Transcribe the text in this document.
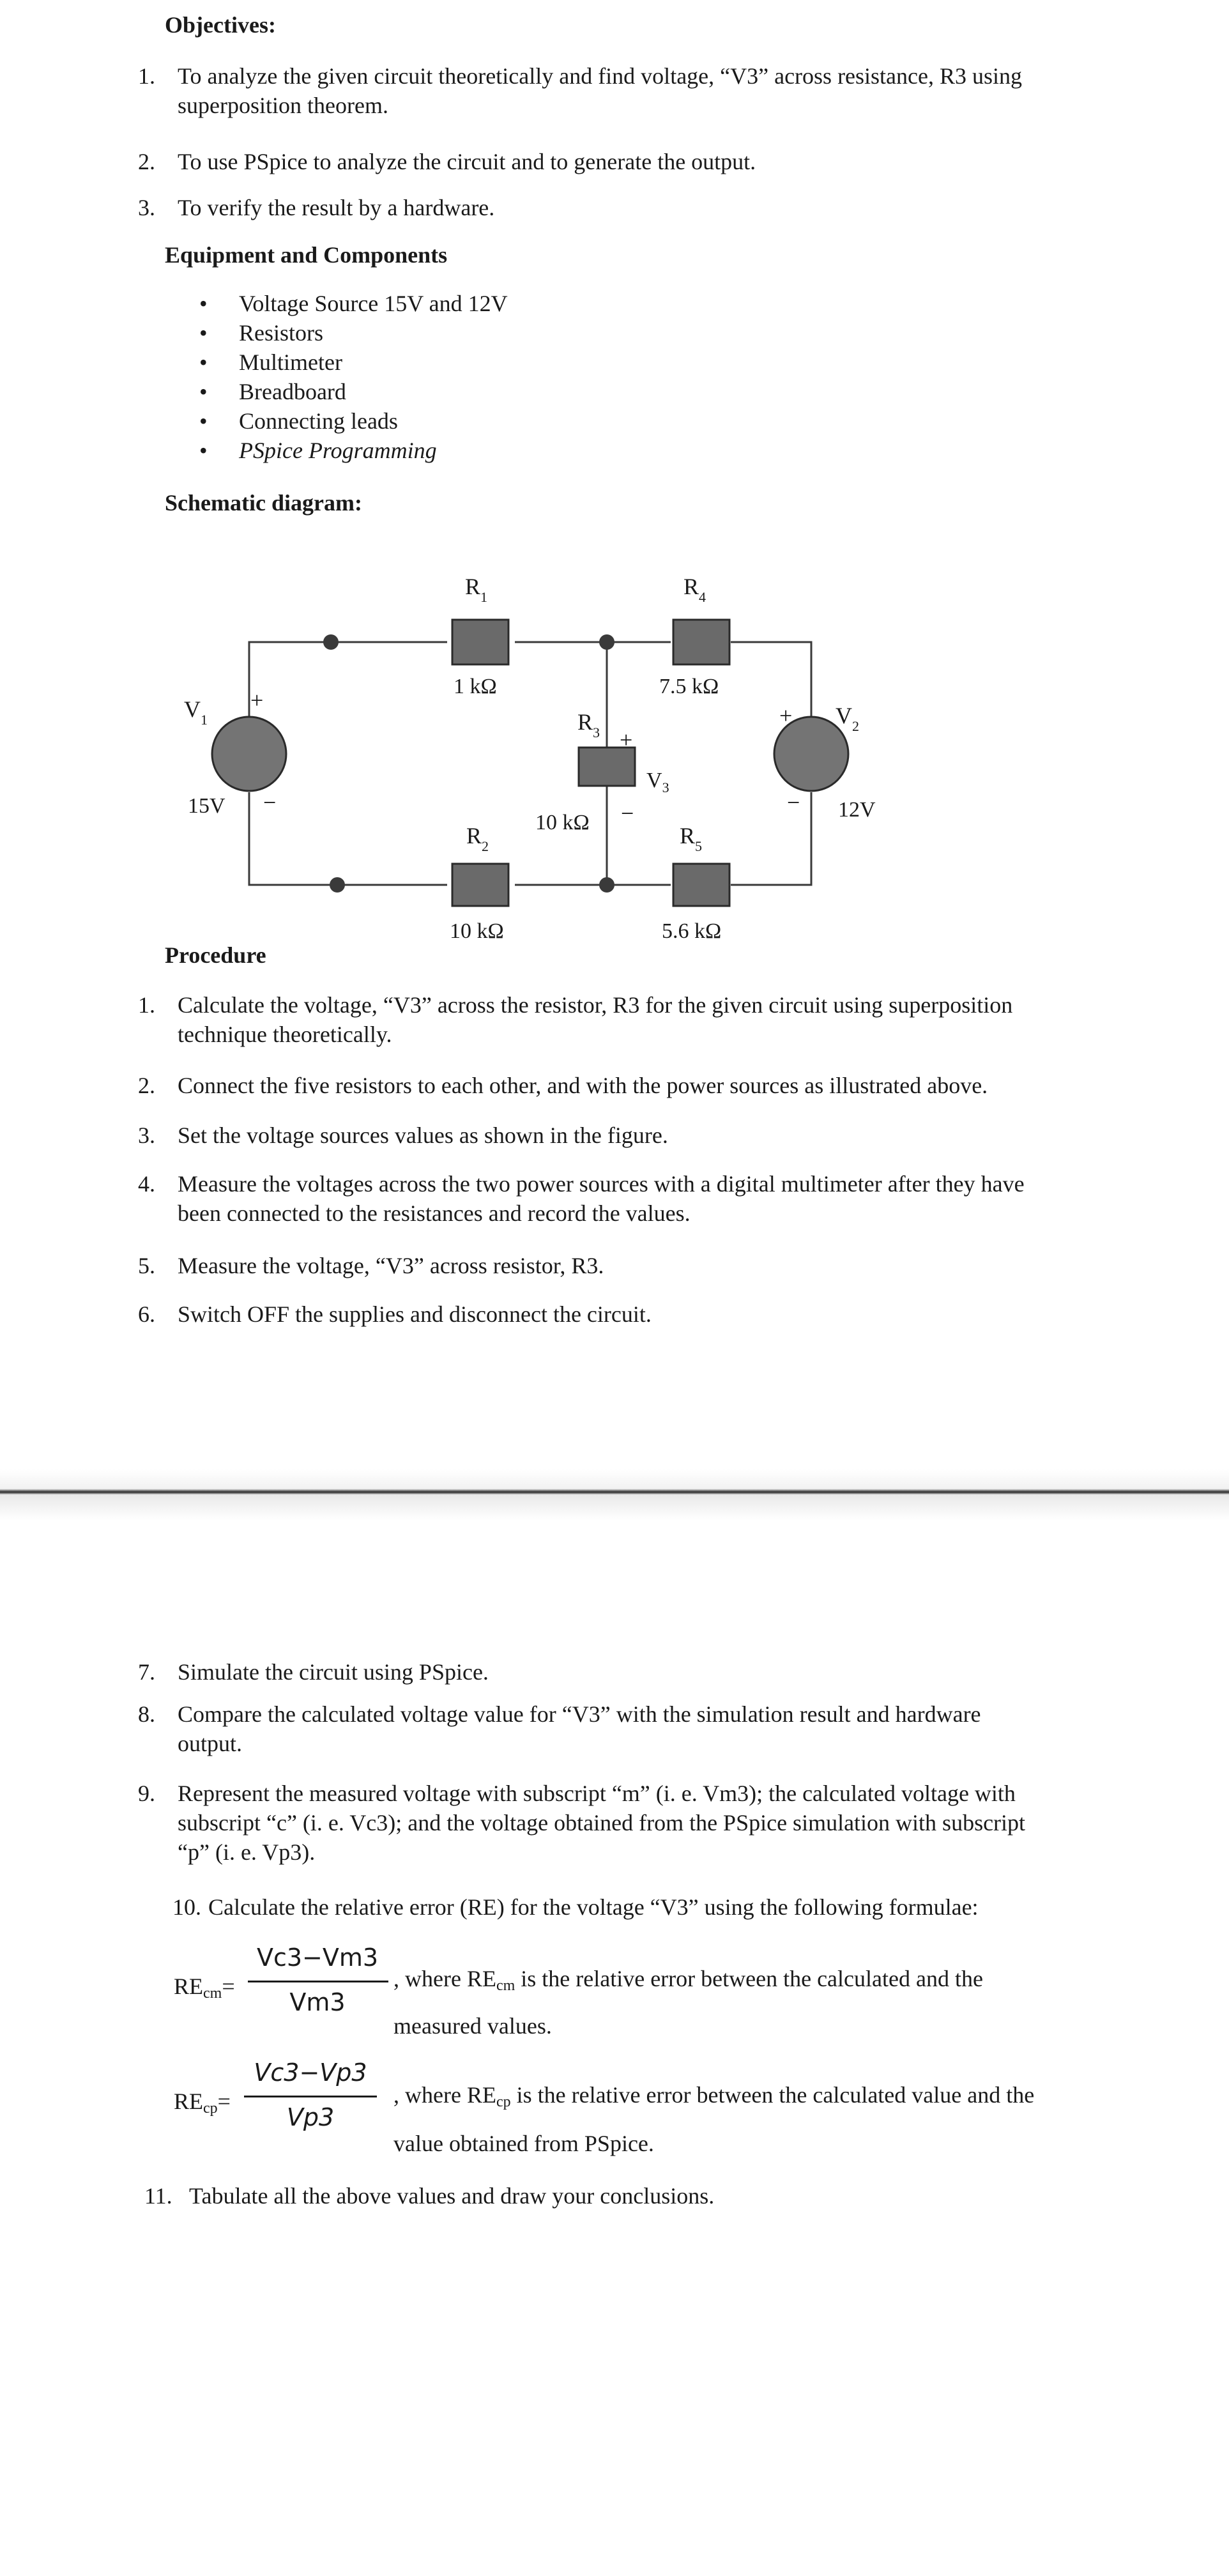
Objectives:
1. To analyze the given circuit theoretically and find voltage, “V3” across resistance, R3 using
superposition theorem.
2. To use PSpice to analyze the circuit and to generate the output.
3. To verify the result by a hardware.
Equipment and Components
• Voltage Source 15V and 12V
• Resistors
• Multimeter
• Breadboard
• Connecting leads
• PSpice Programming
Schematic diagram:
$R_1$
1 kΩ
$R_4$
7.5 kΩ
$R_3$
10 kΩ
+
−
$V_3$
$R_2$
10 kΩ
$R_5$
5.6 kΩ
$V_1$
+
−
15V
$V_2$
+
− 12V
Procedure
1. Calculate the voltage, “V3” across the resistor, R3 for the given circuit using superposition
technique theoretically.
2. Connect the five resistors to each other, and with the power sources as illustrated above.
3. Set the voltage sources values as shown in the figure.
4. Measure the voltages across the two power sources with a digital multimeter after they have
been connected to the resistances and record the values.
5. Measure the voltage, “V3” across resistor, R3.
6. Switch OFF the supplies and disconnect the circuit.
7. Simulate the circuit using PSpice.
8. Compare the calculated voltage value for “V3” with the simulation result and hardware
output.
9. Represent the measured voltage with subscript “m” (i. e. Vm3); the calculated voltage with
subscript “c” (i. e. Vc3); and the voltage obtained from the PSpice simulation with subscript
“p” (i. e. Vp3).
10. Calculate the relative error (RE) for the voltage “V3” using the following formulae:
$RE_{cm}=$
Vc3−Vm3
Vm3
, where $RE_{cm}$ is the relative error between the calculated and the
measured values.
$RE_{cp}=$
Vc3−Vp3
Vp3
, where $RE_{cp}$ is the relative error between the calculated value and the
value obtained from PSpice.
11. Tabulate all the above values and draw your conclusions.
